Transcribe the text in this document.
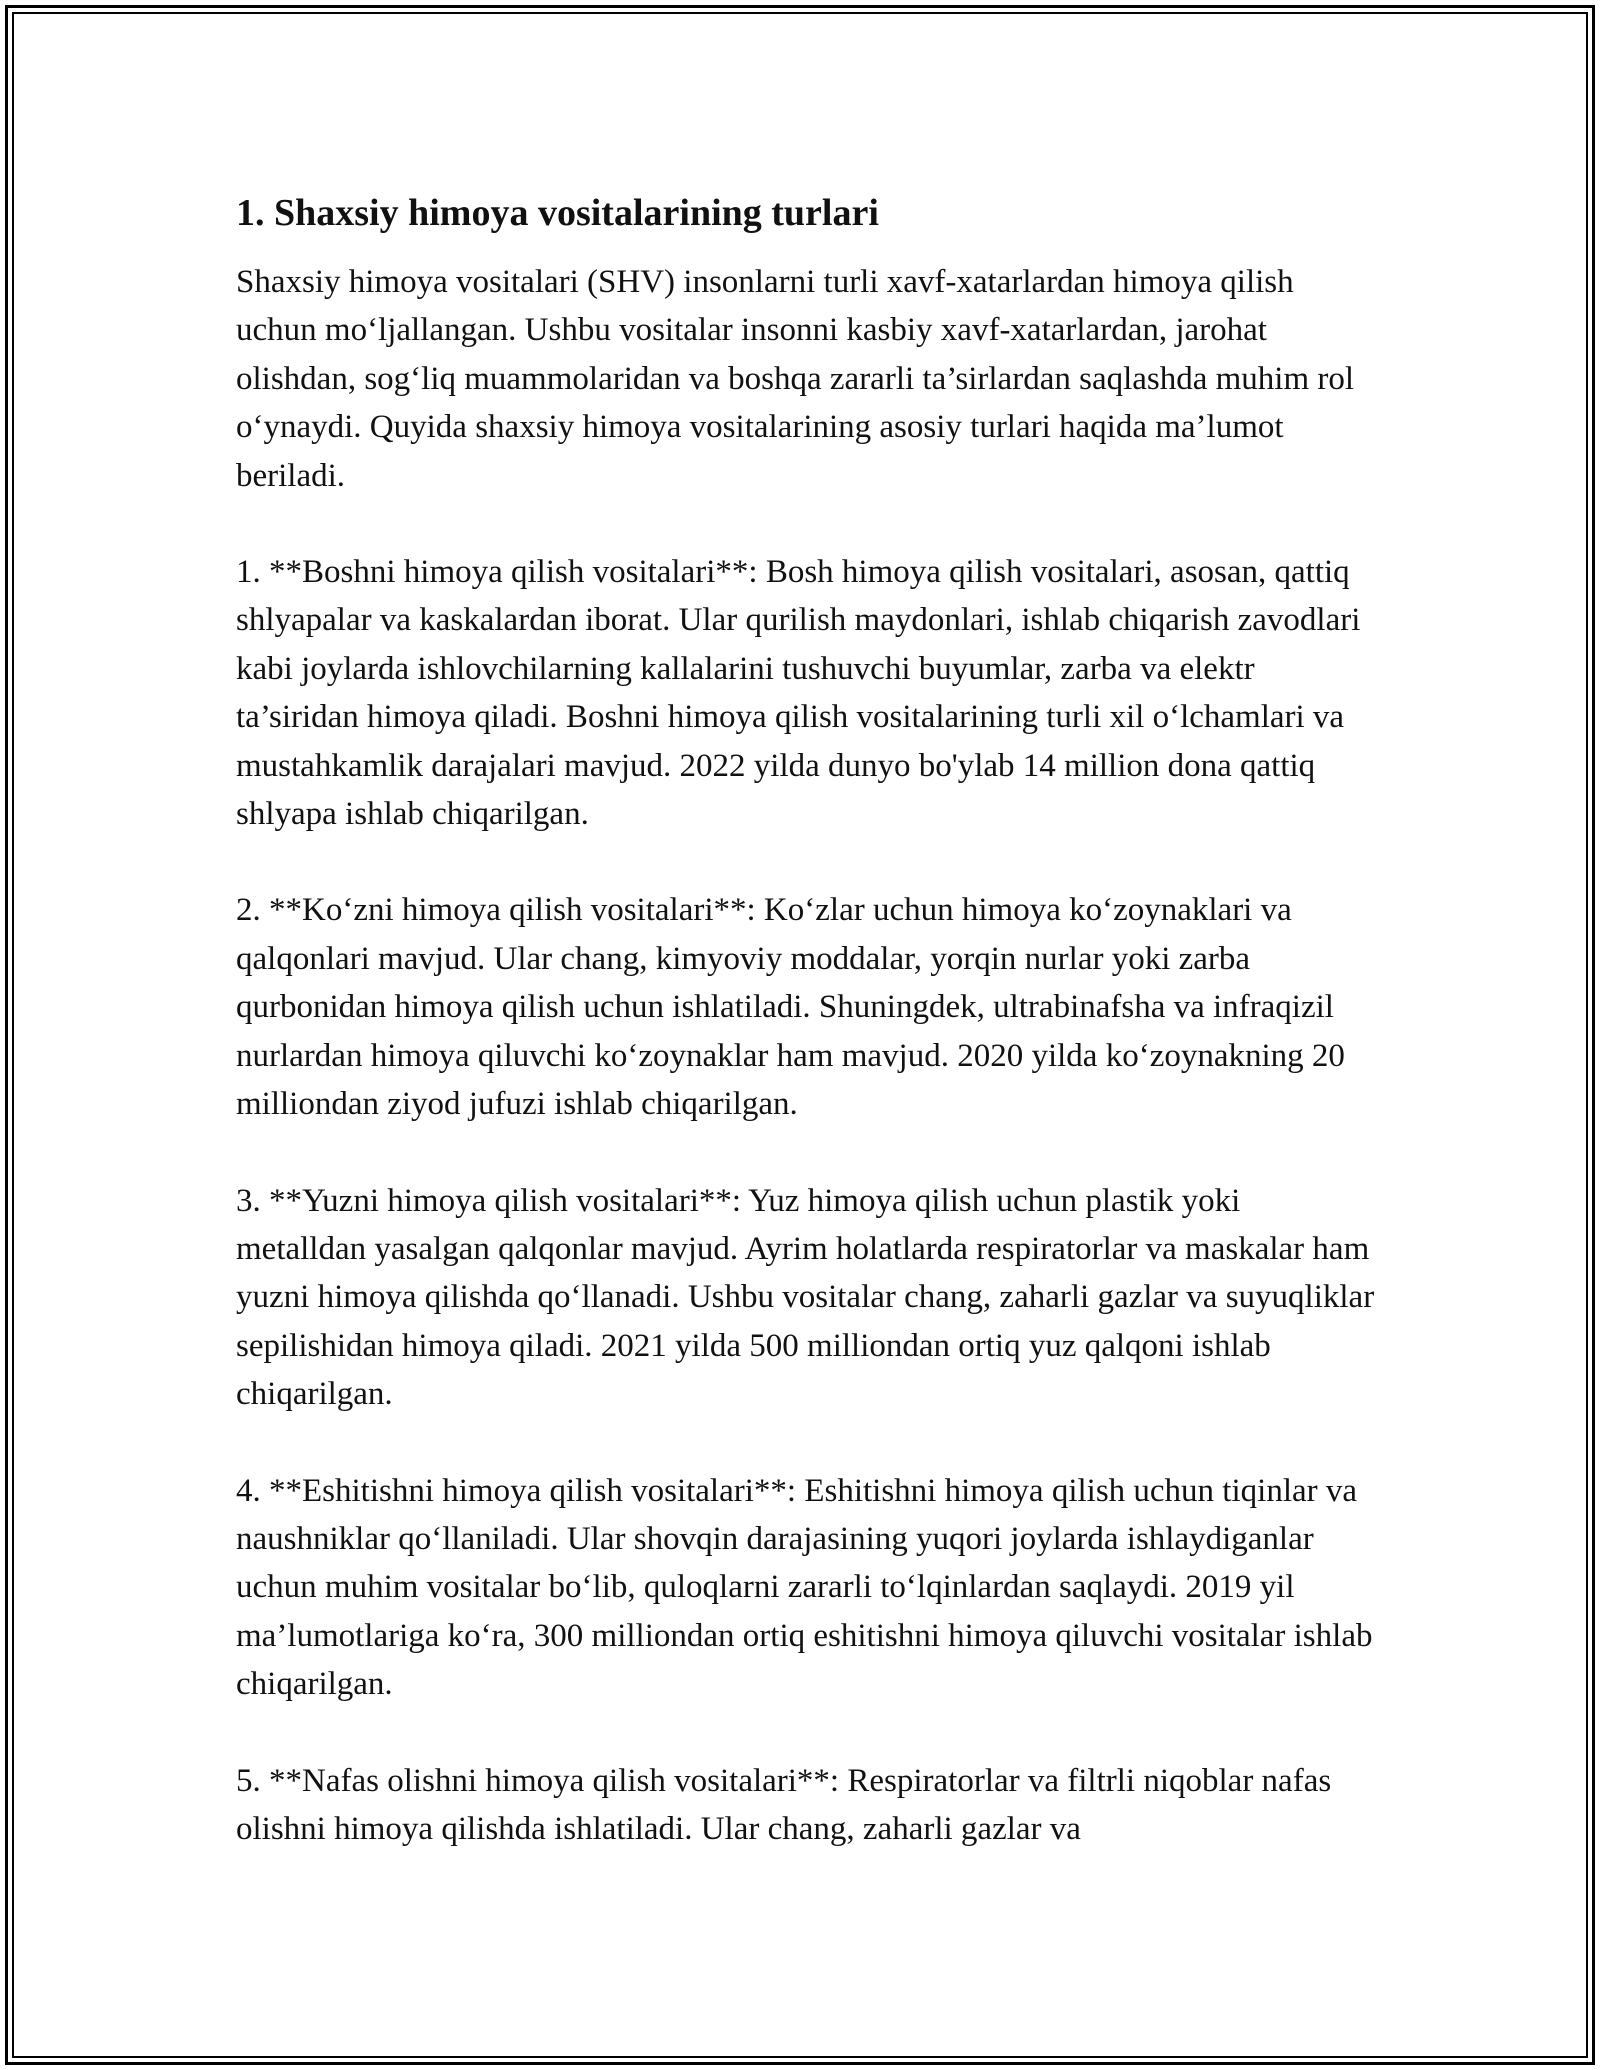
1. Shaxsiy himoya vositalarining turlari

Shaxsiy himoya vositalari (SHV) insonlarni turli xavf-xatarlardan himoya qilish uchun mo‘ljallangan. Ushbu vositalar insonni kasbiy xavf-xatarlardan, jarohat olishdan, sog‘liq muammolaridan va boshqa zararli ta’sirlardan saqlashda muhim rol o‘ynaydi. Quyida shaxsiy himoya vositalarining asosiy turlari haqida ma’lumot beriladi.

1. **Boshni himoya qilish vositalari**: Bosh himoya qilish vositalari, asosan, qattiq shlyapalar va kaskalardan iborat. Ular qurilish maydonlari, ishlab chiqarish zavodlari kabi joylarda ishlovchilarning kallalarini tushuvchi buyumlar, zarba va elektr ta’siridan himoya qiladi. Boshni himoya qilish vositalarining turli xil o‘lchamlari va mustahkamlik darajalari mavjud. 2022 yilda dunyo bo'ylab 14 million dona qattiq shlyapa ishlab chiqarilgan.

2. **Ko‘zni himoya qilish vositalari**: Ko‘zlar uchun himoya ko‘zoynaklari va qalqonlari mavjud. Ular chang, kimyoviy moddalar, yorqin nurlar yoki zarba qurbonidan himoya qilish uchun ishlatiladi. Shuningdek, ultrabinafsha va infraqizil nurlardan himoya qiluvchi ko‘zoynaklar ham mavjud. 2020 yilda ko‘zoynakning 20 milliondan ziyod jufuzi ishlab chiqarilgan.

3. **Yuzni himoya qilish vositalari**: Yuz himoya qilish uchun plastik yoki metalldan yasalgan qalqonlar mavjud. Ayrim holatlarda respiratorlar va maskalar ham yuzni himoya qilishda qo‘llanadi. Ushbu vositalar chang, zaharli gazlar va suyuqliklar sepilishidan himoya qiladi. 2021 yilda 500 milliondan ortiq yuz qalqoni ishlab chiqarilgan.

4. **Eshitishni himoya qilish vositalari**: Eshitishni himoya qilish uchun tiqinlar va naushniklar qo‘llaniladi. Ular shovqin darajasining yuqori joylarda ishlaydiganlar uchun muhim vositalar bo‘lib, quloqlarni zararli to‘lqinlardan saqlaydi. 2019 yil ma’lumotlariga ko‘ra, 300 milliondan ortiq eshitishni himoya qiluvchi vositalar ishlab chiqarilgan.

5. **Nafas olishni himoya qilish vositalari**: Respiratorlar va filtrli niqoblar nafas olishni himoya qilishda ishlatiladi. Ular chang, zaharli gazlar va
